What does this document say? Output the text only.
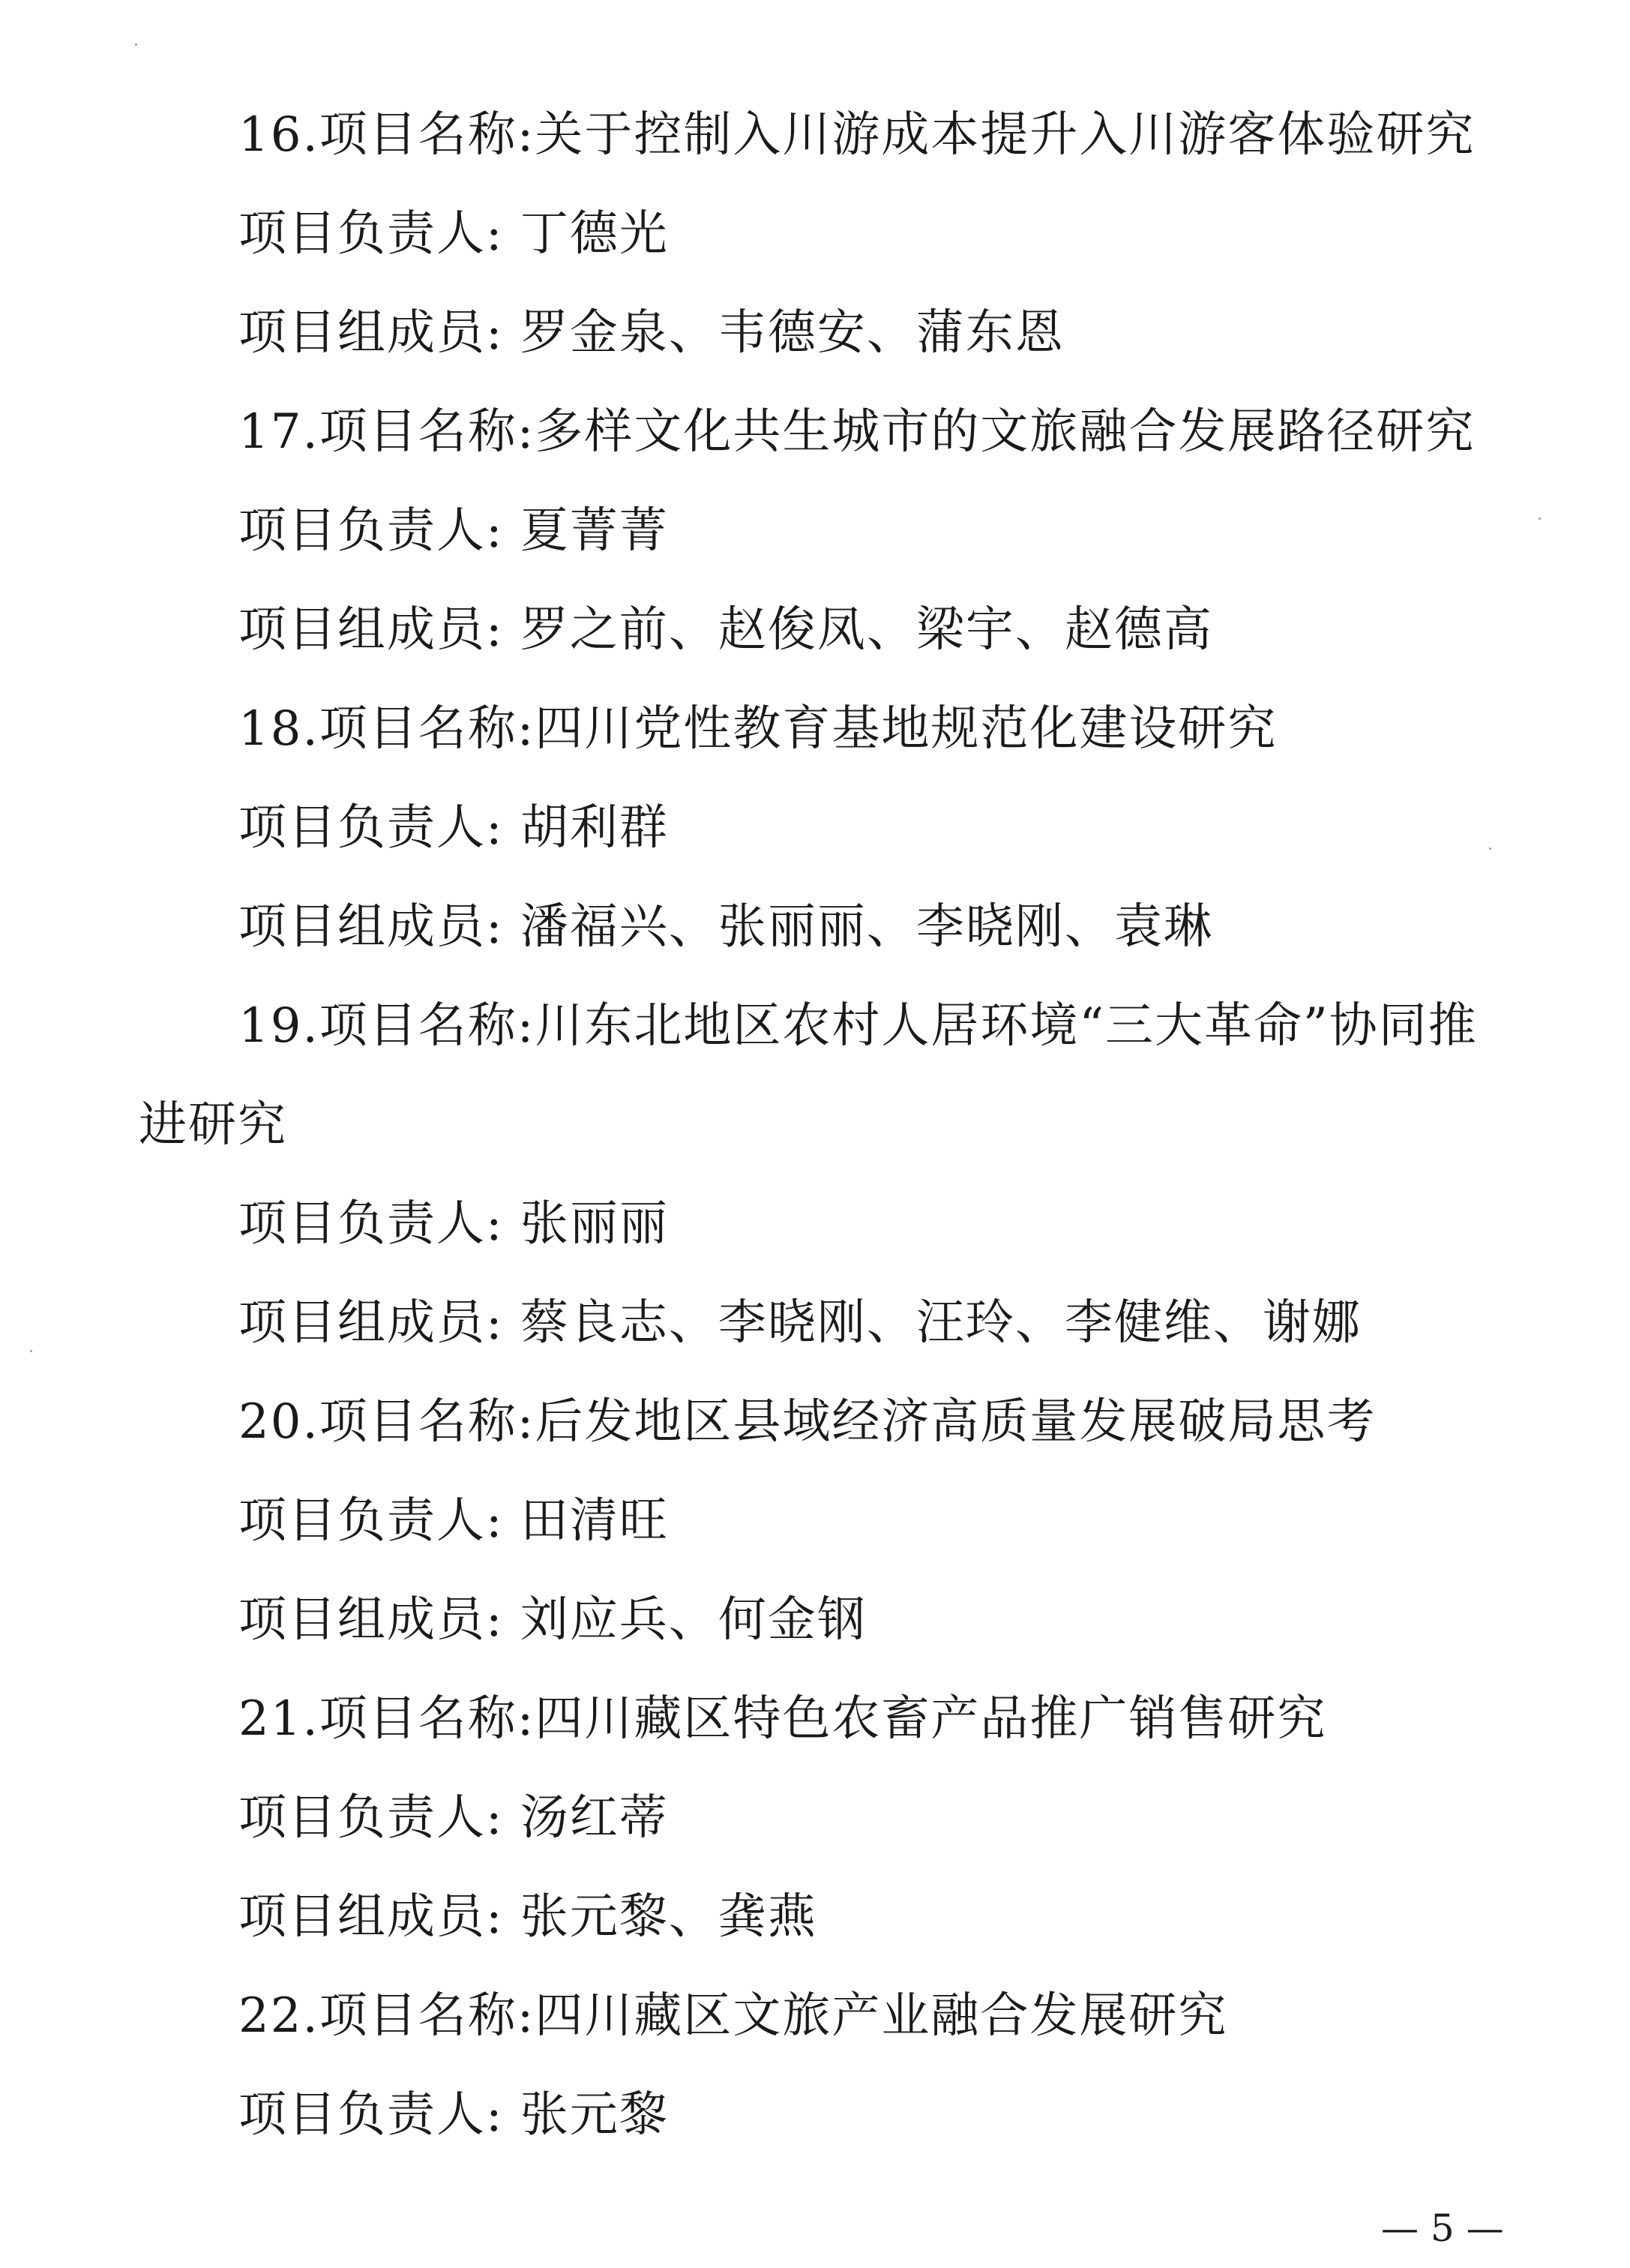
16.项目名称:关于控制入川游成本提升入川游客体验研究
项目负责人: 丁德光
项目组成员: 罗金泉、韦德安、蒲东恩
17.项目名称:多样文化共生城市的文旅融合发展路径研究
项目负责人: 夏菁菁
项目组成员: 罗之前、赵俊凤、梁宇、赵德高
18.项目名称:四川党性教育基地规范化建设研究
项目负责人: 胡利群
项目组成员: 潘福兴、张丽丽、李晓刚、袁琳
19.项目名称:川东北地区农村人居环境“三大革命”协同推
进研究
项目负责人: 张丽丽
项目组成员: 蔡良志、李晓刚、汪玲、李健维、谢娜
20.项目名称:后发地区县域经济高质量发展破局思考
项目负责人: 田清旺
项目组成员: 刘应兵、何金钢
21.项目名称:四川藏区特色农畜产品推广销售研究
项目负责人: 汤红蒂
项目组成员: 张元黎、龚燕
22.项目名称:四川藏区文旅产业融合发展研究
项目负责人: 张元黎
— 5 —
